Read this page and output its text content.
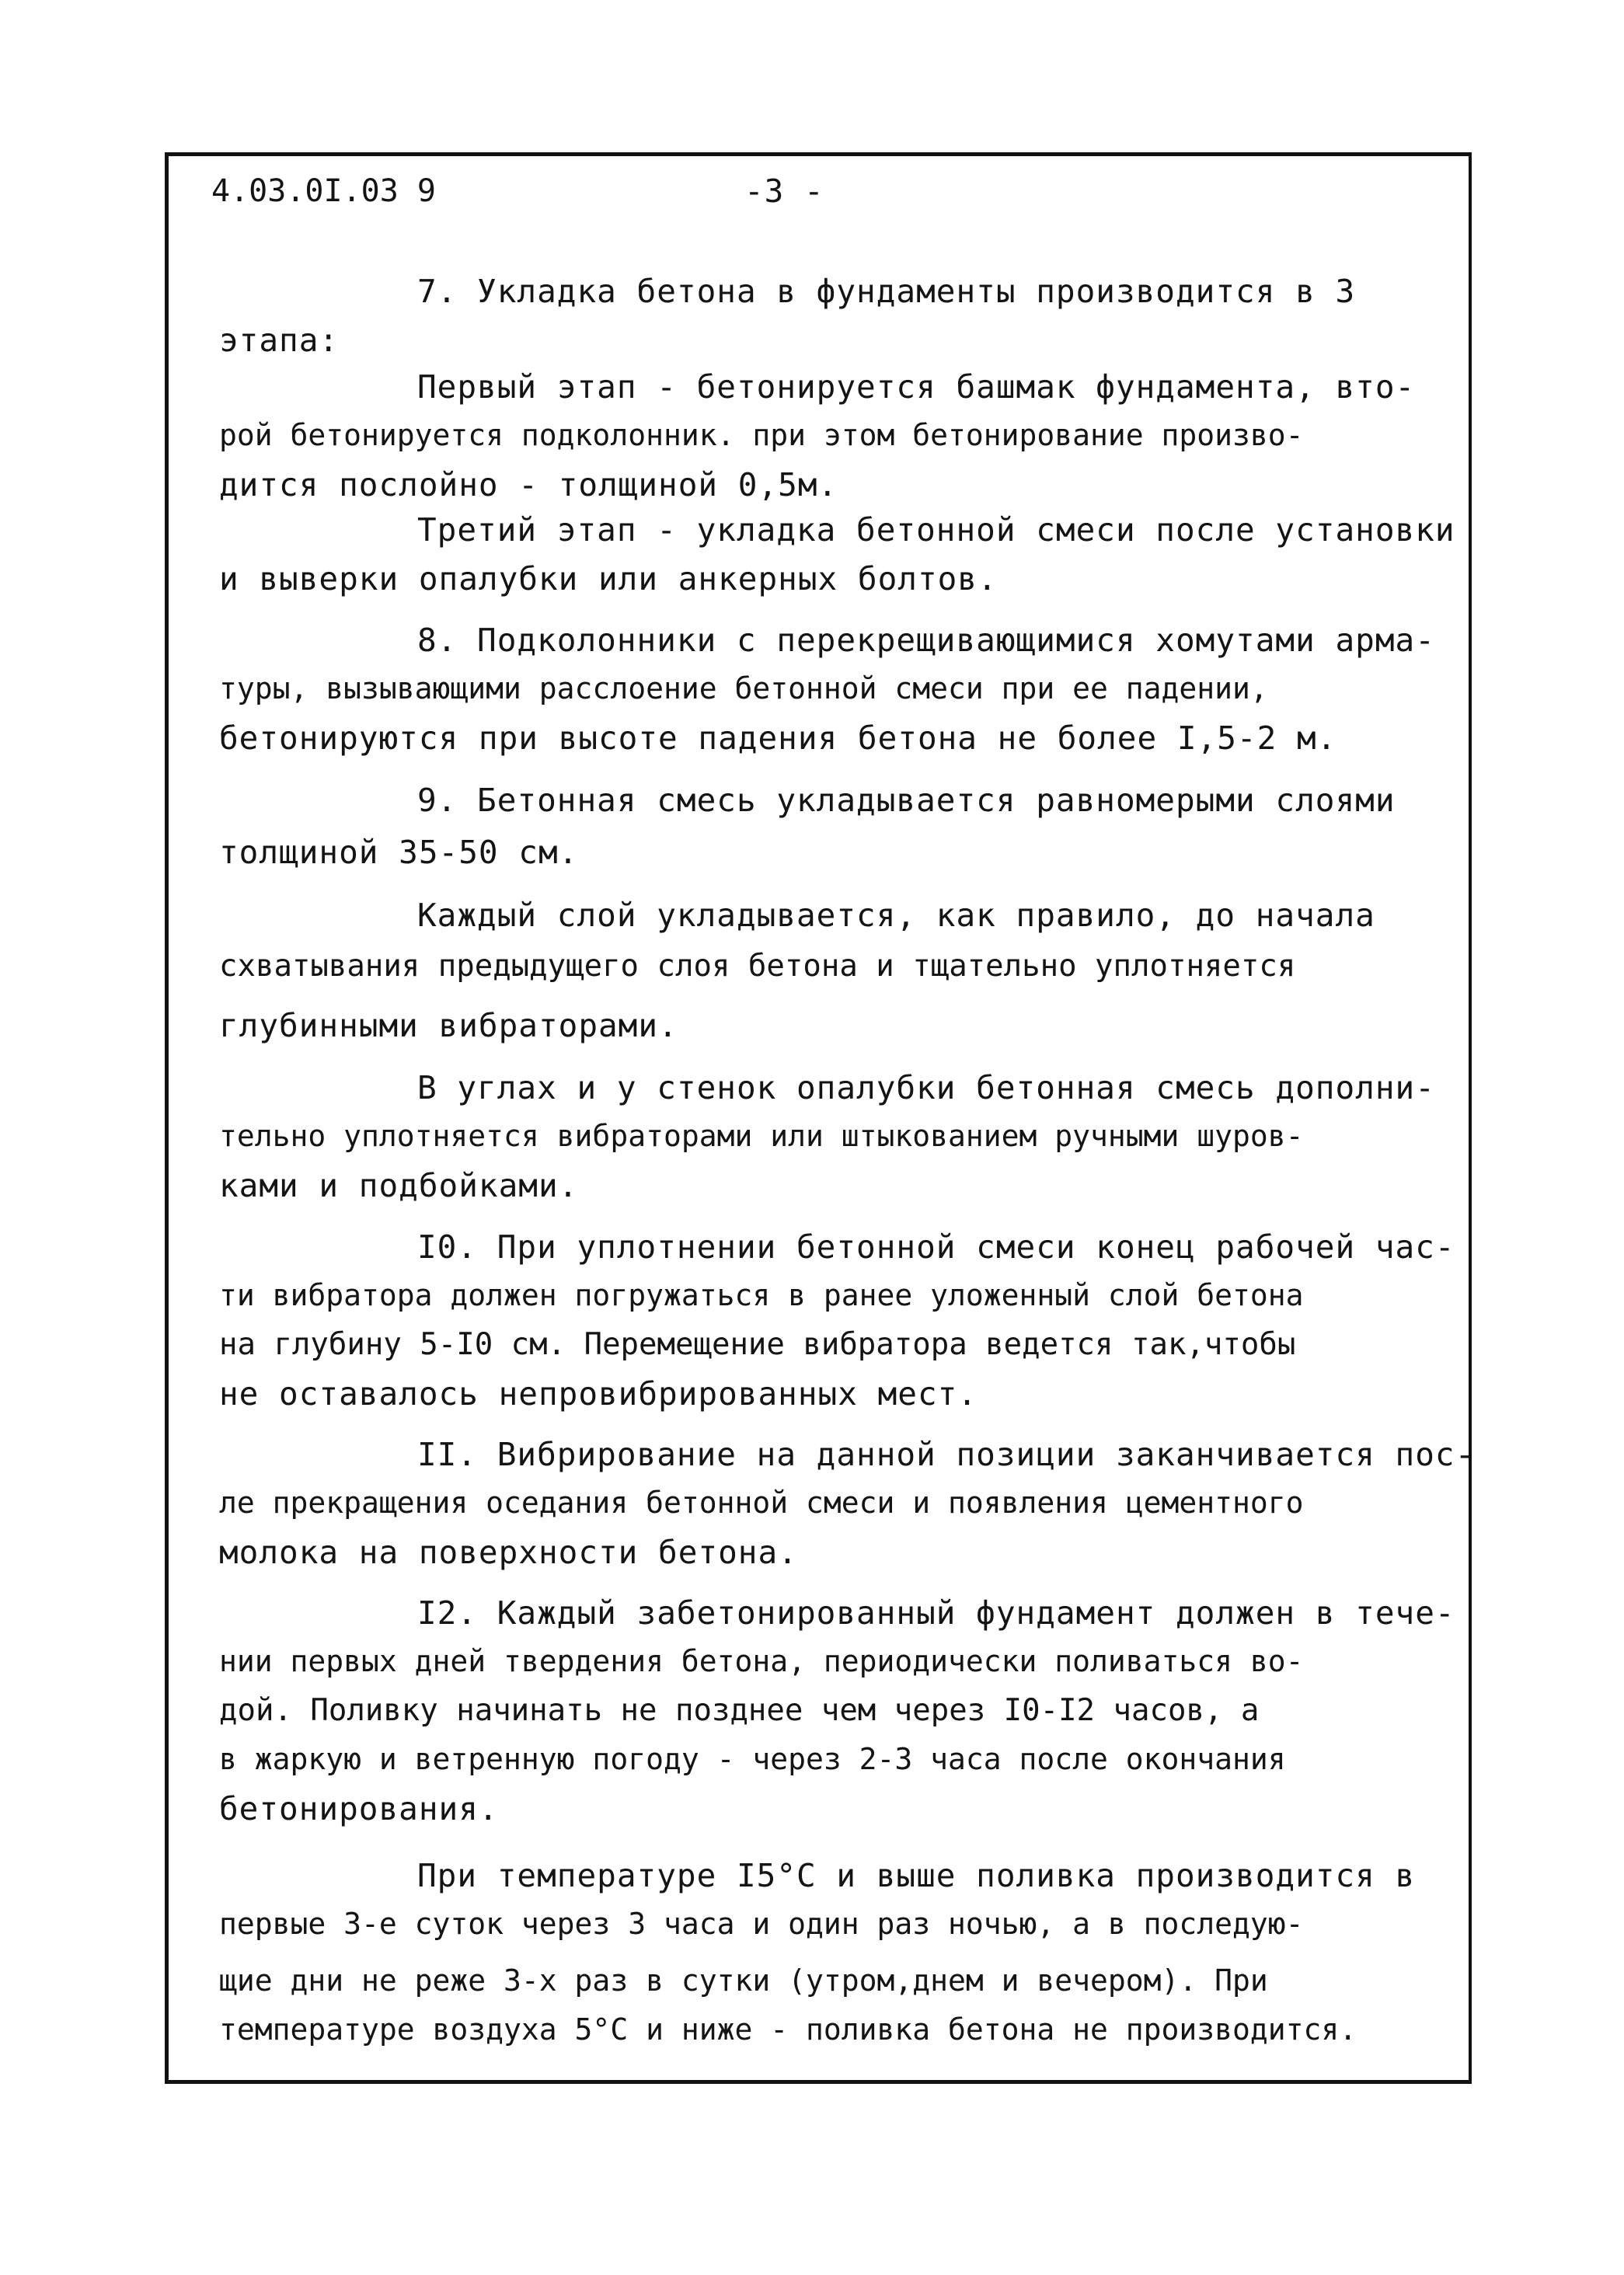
4.03.0I.03 9	-3 -
7. Укладка бетона в фундаменты производится в 3
этапа:
Первый этап - бетонируется башмак фундамента, вто-
рой бетонируется подколонник. при этом бетонирование произво-
дится послойно - толщиной 0,5м.
Третий этап - укладка бетонной смеси после установки
и выверки опалубки или анкерных болтов.
8. Подколонники с перекрещивающимися хомутами арма-
туры, вызывающими расслоение бетонной смеси при ее падении,
бетонируются при высоте падения бетона не более I,5-2 м.
9. Бетонная смесь укладывается равномерыми слоями
толщиной 35-50 см.
Каждый слой укладывается, как правило, до начала
схватывания предыдущего слоя бетона и тщательно уплотняется
глубинными вибраторами.
В углах и у стенок опалубки бетонная смесь дополни-
тельно уплотняется вибраторами или штыкованием ручными шуров-
ками и подбойками.
I0. При уплотнении бетонной смеси конец рабочей час-
ти вибратора должен погружаться в ранее уложенный слой бетона
на глубину 5-I0 см. Перемещение вибратора ведется так,чтобы
не оставалось непровибрированных мест.
II. Вибрирование на данной позиции заканчивается пос-
ле прекращения оседания бетонной смеси и появления цементного
молока на поверхности бетона.
I2. Каждый забетонированный фундамент должен в тече-
нии первых дней твердения бетона, периодически поливаться во-
дой. Поливку начинать не позднее чем через I0-I2 часов, а
в жаркую и ветренную погоду - через 2-3 часа после окончания
бетонирования.
При температуре I5°С и выше поливка производится в
первые 3-е суток через 3 часа и один раз ночью, а в последую-
щие дни не реже 3-х раз в сутки (утром,днем и вечером). При
температуре воздуха 5°С и ниже - поливка бетона не производится.
